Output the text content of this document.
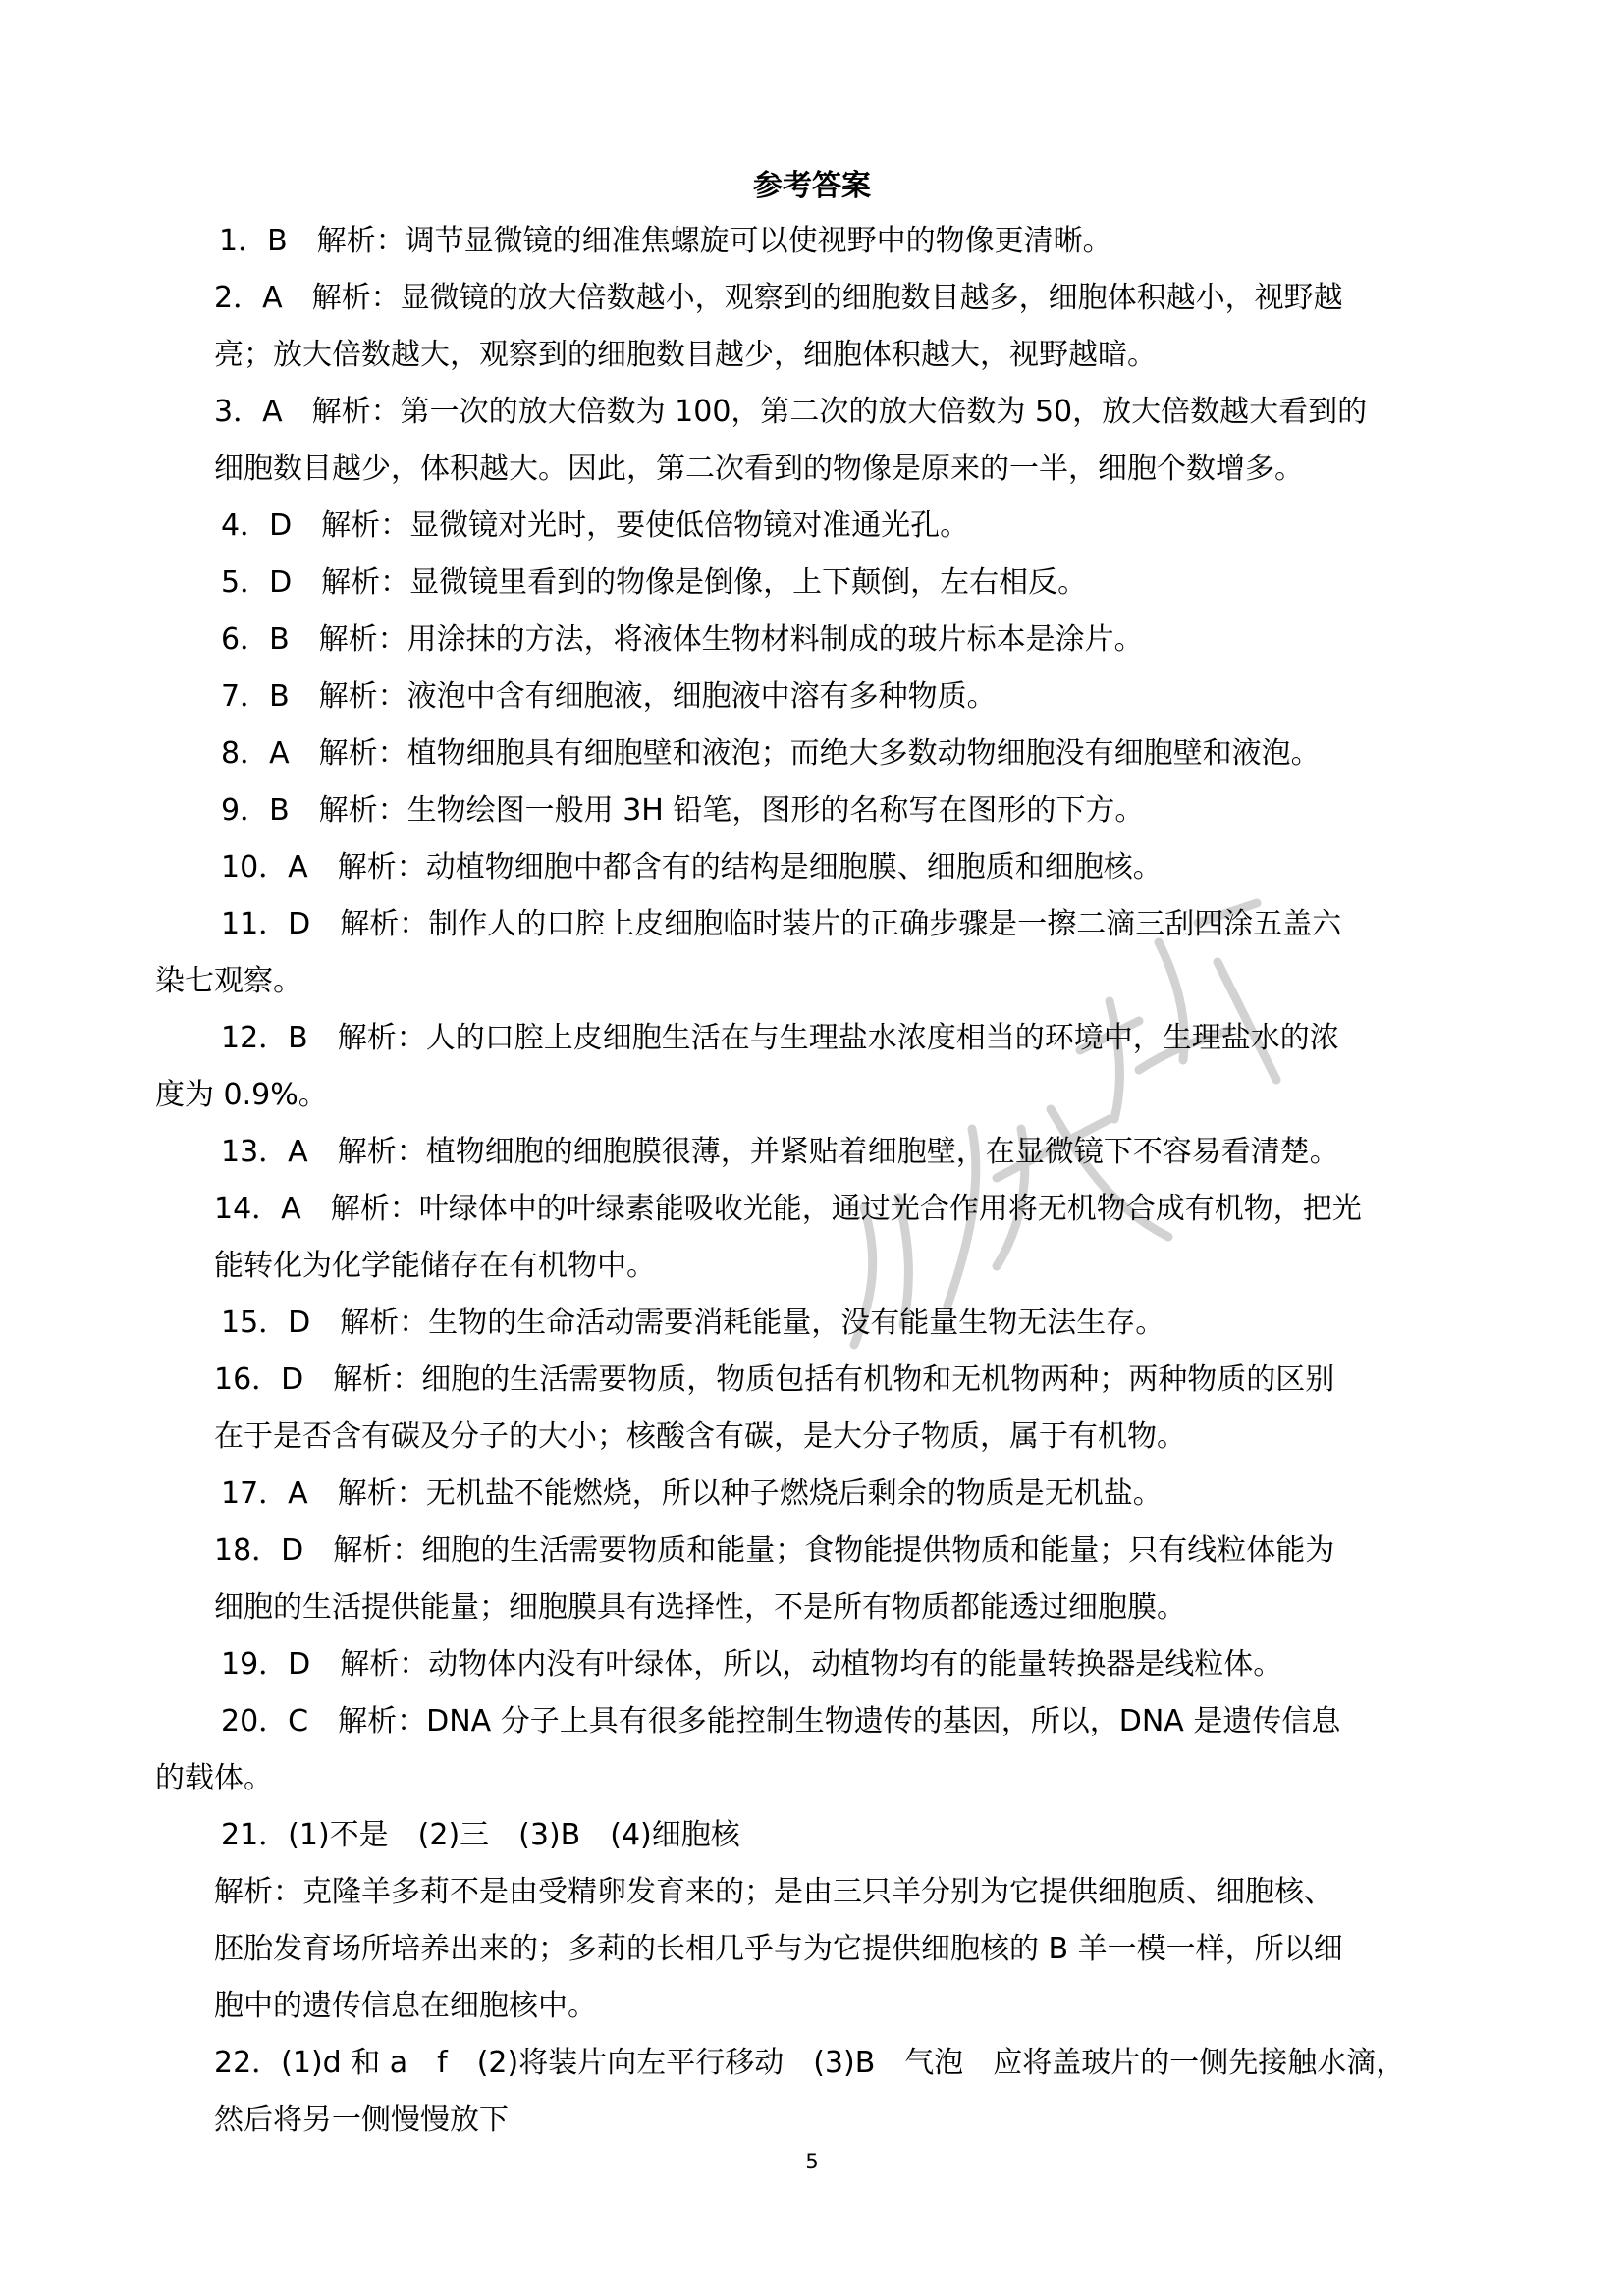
参考答案
1．B　解析：调节显微镜的细准焦螺旋可以使视野中的物像更清晰。
2．A　解析：显微镜的放大倍数越小，观察到的细胞数目越多，细胞体积越小，视野越
亮；放大倍数越大，观察到的细胞数目越少，细胞体积越大，视野越暗。
3．A　解析：第一次的放大倍数为 100，第二次的放大倍数为 50，放大倍数越大看到的
细胞数目越少，体积越大。因此，第二次看到的物像是原来的一半，细胞个数增多。
4．D　解析：显微镜对光时，要使低倍物镜对准通光孔。
5．D　解析：显微镜里看到的物像是倒像，上下颠倒，左右相反。
6．B　解析：用涂抹的方法，将液体生物材料制成的玻片标本是涂片。
7．B　解析：液泡中含有细胞液，细胞液中溶有多种物质。
8．A　解析：植物细胞具有细胞壁和液泡；而绝大多数动物细胞没有细胞壁和液泡。
9．B　解析：生物绘图一般用 3H 铅笔，图形的名称写在图形的下方。
10．A　解析：动植物细胞中都含有的结构是细胞膜、细胞质和细胞核。
11．D　解析：制作人的口腔上皮细胞临时装片的正确步骤是一擦二滴三刮四涂五盖六
染七观察。
12．B　解析：人的口腔上皮细胞生活在与生理盐水浓度相当的环境中，生理盐水的浓
度为 0.9%。
13．A　解析：植物细胞的细胞膜很薄，并紧贴着细胞壁，在显微镜下不容易看清楚。
14．A　解析：叶绿体中的叶绿素能吸收光能，通过光合作用将无机物合成有机物，把光
能转化为化学能储存在有机物中。
15．D　解析：生物的生命活动需要消耗能量，没有能量生物无法生存。
16．D　解析：细胞的生活需要物质，物质包括有机物和无机物两种；两种物质的区别
在于是否含有碳及分子的大小；核酸含有碳，是大分子物质，属于有机物。
17．A　解析：无机盐不能燃烧，所以种子燃烧后剩余的物质是无机盐。
18．D　解析：细胞的生活需要物质和能量；食物能提供物质和能量；只有线粒体能为
细胞的生活提供能量；细胞膜具有选择性，不是所有物质都能透过细胞膜。
19．D　解析：动物体内没有叶绿体，所以，动植物均有的能量转换器是线粒体。
20．C　解析：DNA 分子上具有很多能控制生物遗传的基因，所以，DNA 是遗传信息
的载体。
21．(1)不是　(2)三　(3)B　(4)细胞核
解析：克隆羊多莉不是由受精卵发育来的；是由三只羊分别为它提供细胞质、细胞核、
胚胎发育场所培养出来的；多莉的长相几乎与为它提供细胞核的 B 羊一模一样，所以细
胞中的遗传信息在细胞核中。
22．(1)d 和 a　f　(2)将装片向左平行移动　(3)B　气泡　应将盖玻片的一侧先接触水滴，
然后将另一侧慢慢放下
5
